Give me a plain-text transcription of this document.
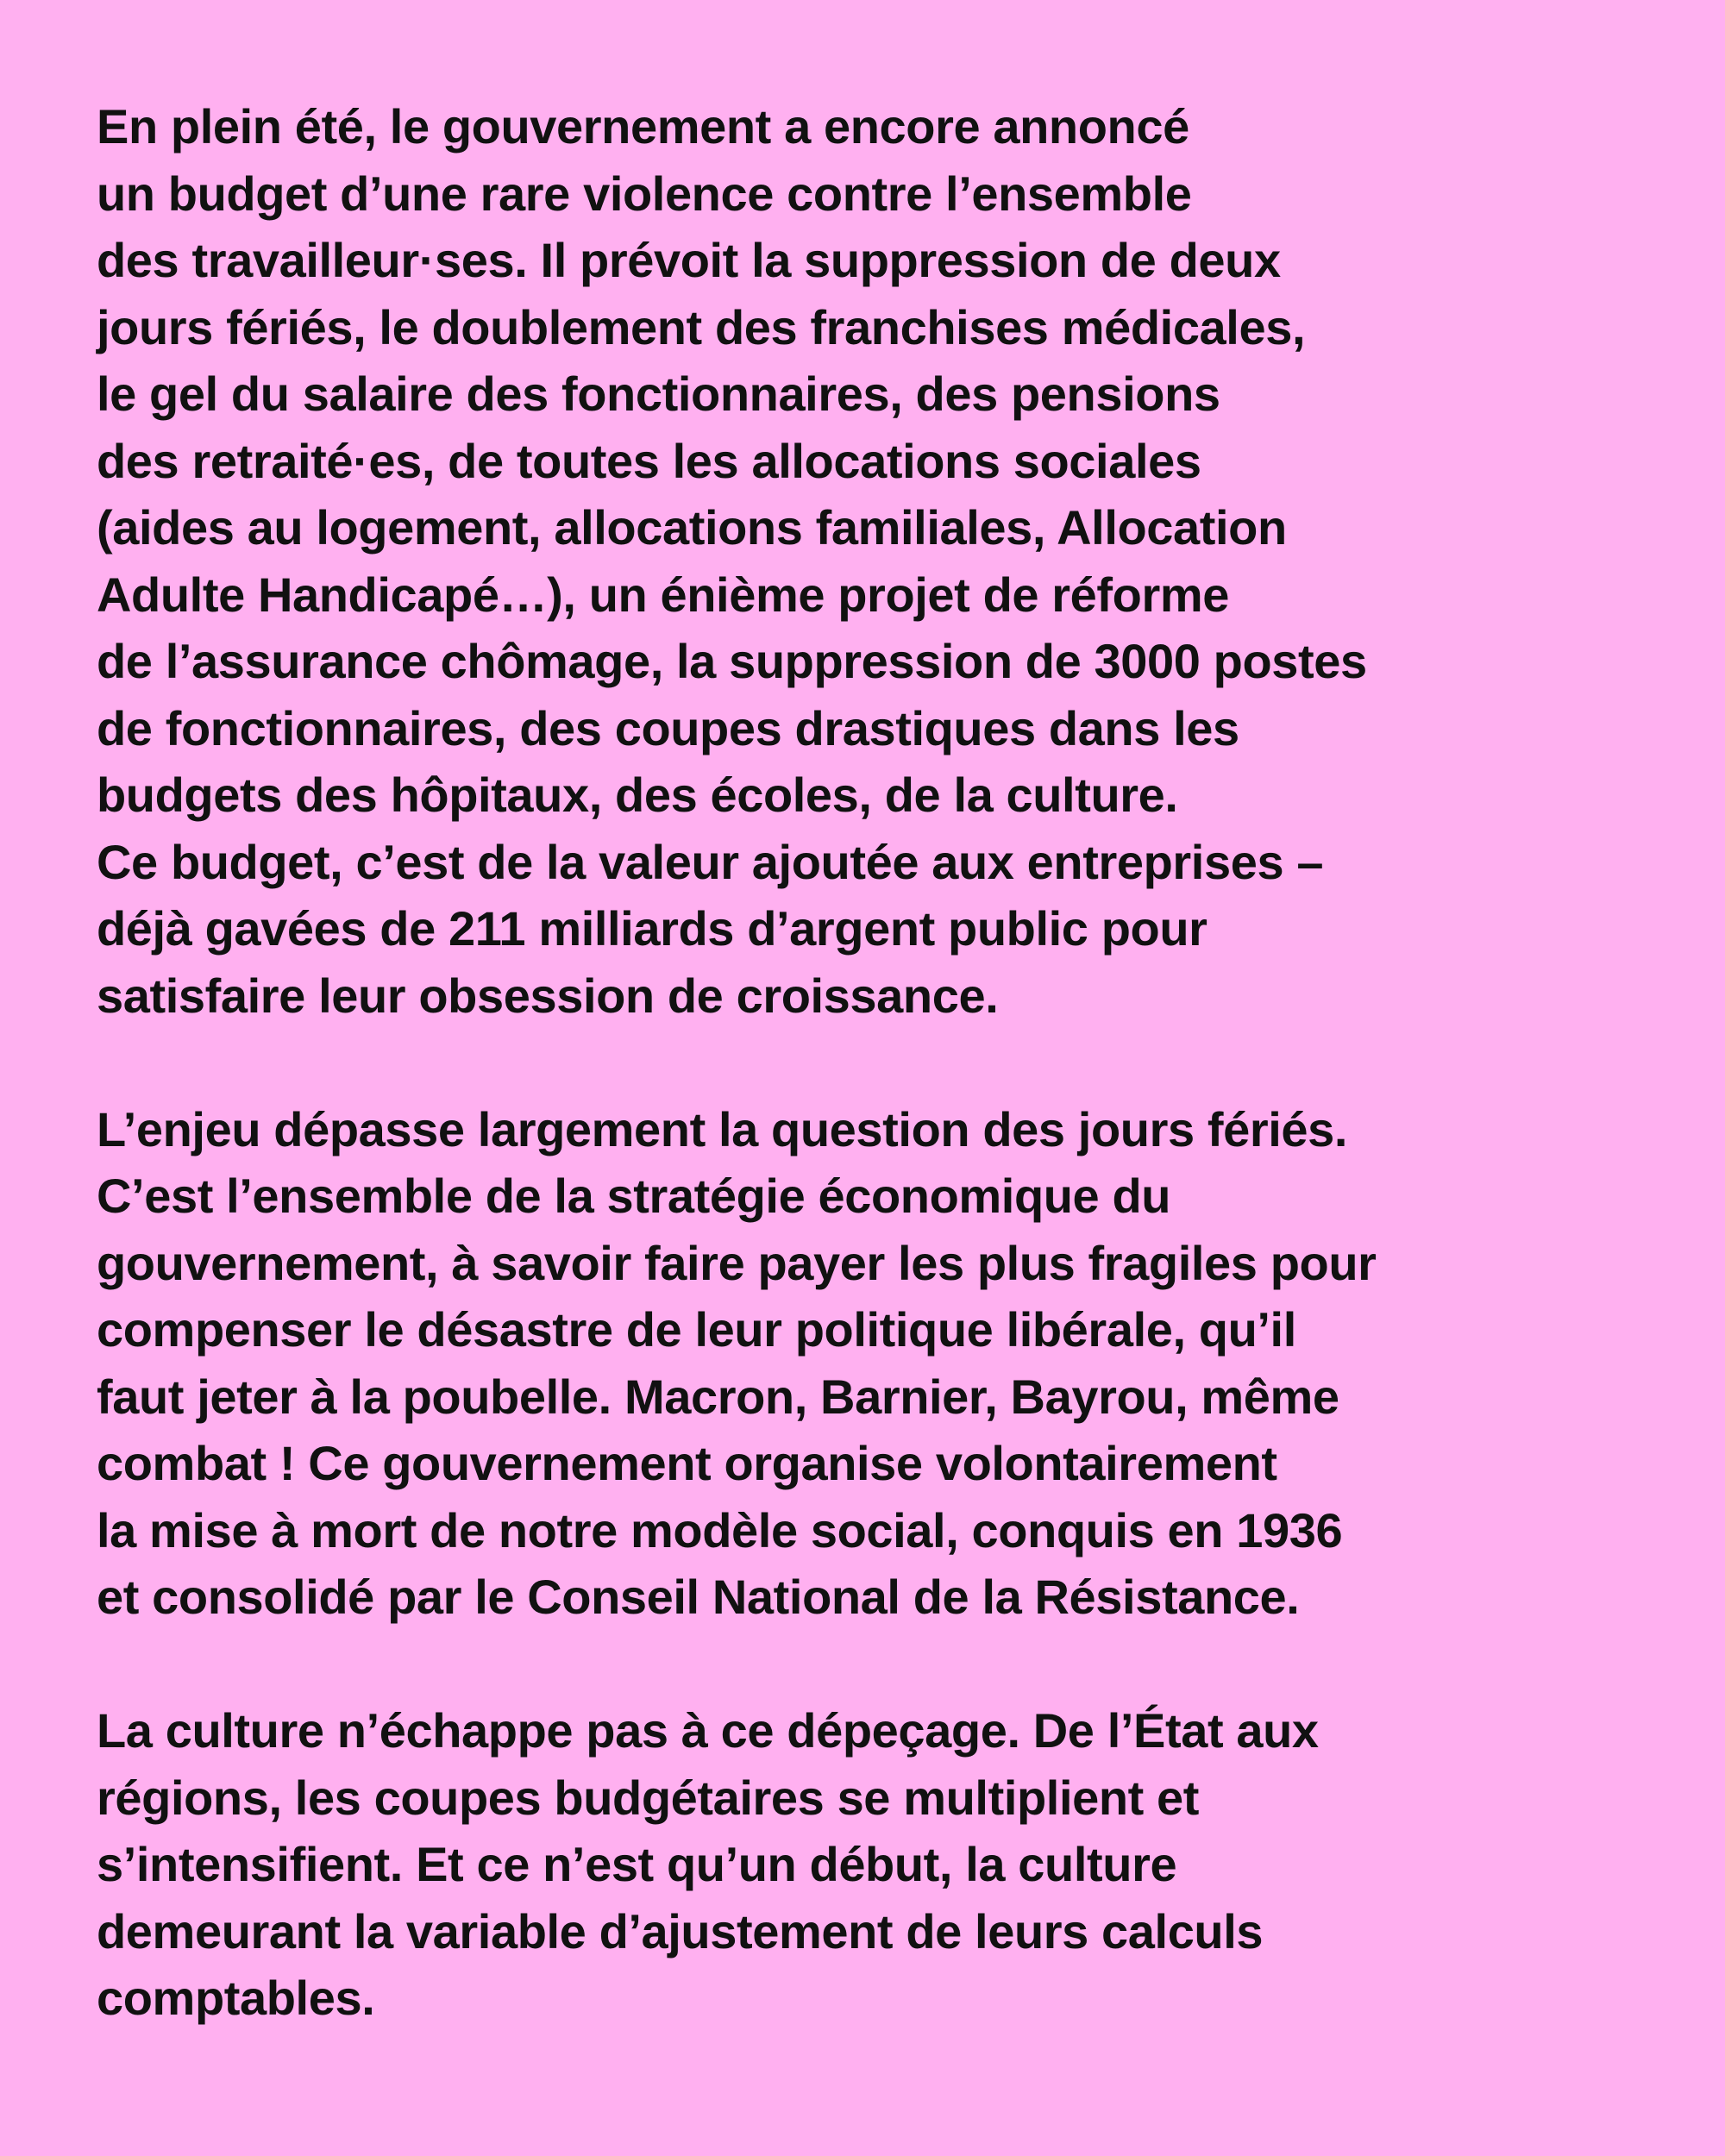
En plein été, le gouvernement a encore annoncé
un budget d’une rare violence contre l’ensemble
des travailleur·ses. Il prévoit la suppression de deux
jours fériés, le doublement des franchises médicales,
le gel du salaire des fonctionnaires, des pensions
des retraité·es, de toutes les allocations sociales
(aides au logement, allocations familiales, Allocation
Adulte Handicapé…), un énième projet de réforme
de l’assurance chômage, la suppression de 3000 postes
de fonctionnaires, des coupes drastiques dans les
budgets des hôpitaux, des écoles, de la culture.
Ce budget, c’est de la valeur ajoutée aux entreprises –
déjà gavées de 211 milliards d’argent public pour
satisfaire leur obsession de croissance.

L’enjeu dépasse largement la question des jours fériés.
C’est l’ensemble de la stratégie économique du
gouvernement, à savoir faire payer les plus fragiles pour
compenser le désastre de leur politique libérale, qu’il
faut jeter à la poubelle. Macron, Barnier, Bayrou, même
combat ! Ce gouvernement organise volontairement
la mise à mort de notre modèle social, conquis en 1936
et consolidé par le Conseil National de la Résistance.

La culture n’échappe pas à ce dépeçage. De l’État aux
régions, les coupes budgétaires se multiplient et
s’intensifient. Et ce n’est qu’un début, la culture
demeurant la variable d’ajustement de leurs calculs
comptables.
